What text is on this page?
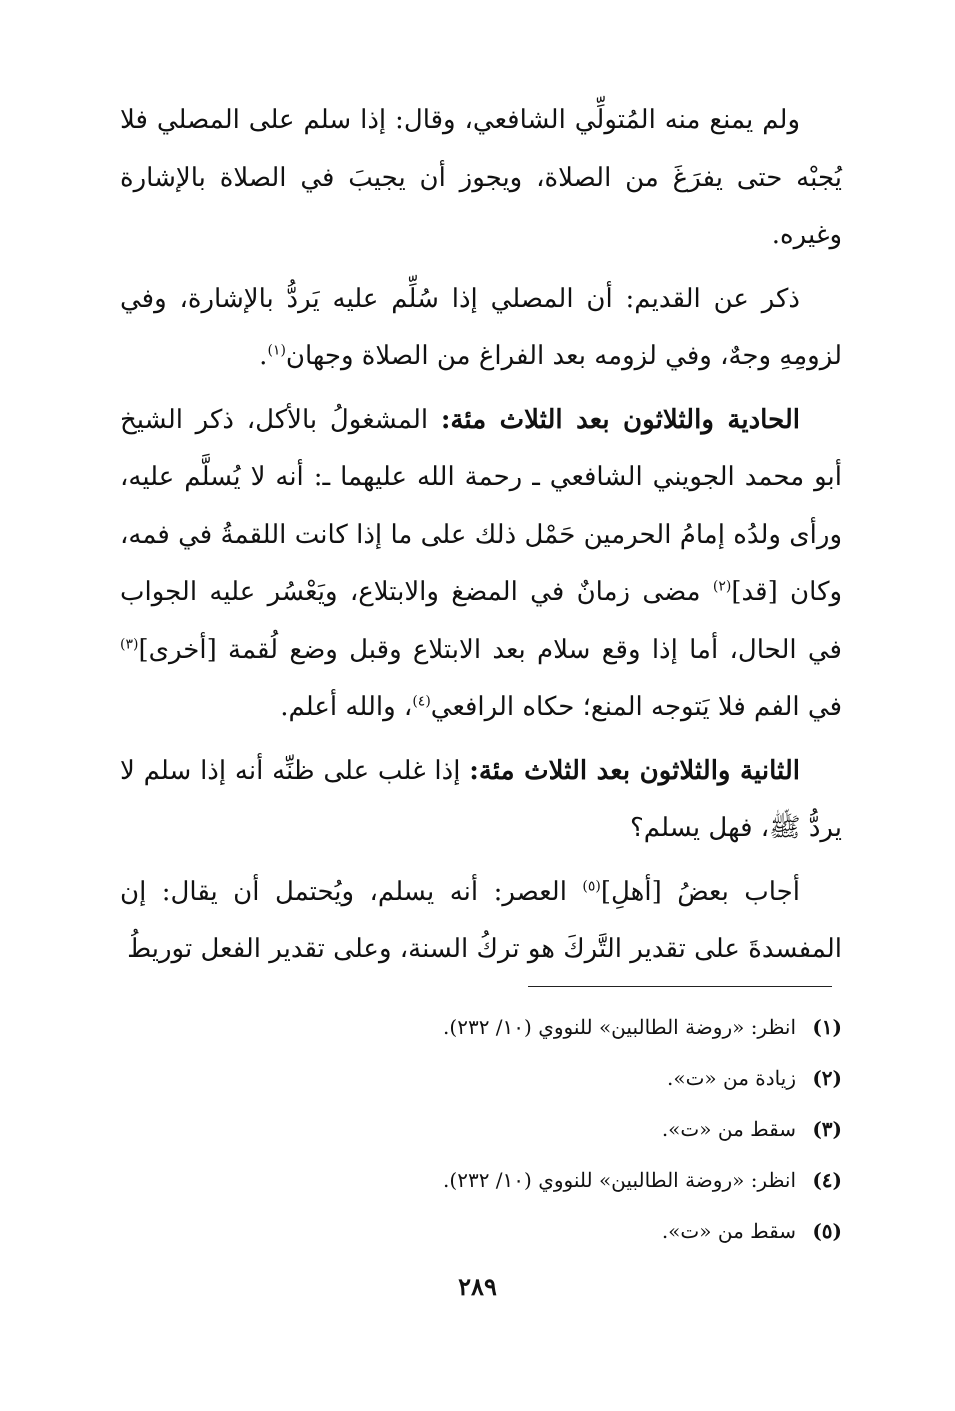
ولم يمنع منه المُتولِّي الشافعي، وقال: إذا سلم على المصلي فلا يُجبْه حتى يفرَغَ من الصلاة، ويجوز أن يجيبَ في الصلاة بالإشارة وغيره.

ذكر عن القديم: أن المصلي إذا سُلِّم عليه يَردُّ بالإشارة، وفي لزومِهِ وجهٌ، وفي لزومه بعد الفراغ من الصلاة وجهان$^{(١)}$.

الحادية والثلاثون بعد الثلاث مئة: المشغولُ بالأكل، ذكر الشيخ أبو محمد الجويني الشافعي ـ رحمة الله عليهما ـ: أنه لا يُسلَّم عليه، ورأى ولدُه إمامُ الحرمين حَمْل ذلك على ما إذا كانت اللقمةُ في فمه، وكان [قد]$^{(٢)}$ مضى زمانٌ في المضغ والابتلاع، ويَعْسُر عليه الجواب في الحال، أما إذا وقع سلام بعد الابتلاع وقبل وضع لُقمة [أخرى]$^{(٣)}$ في الفم فلا يَتوجه المنع؛ حكاه الرافعي$^{(٤)}$، والله أعلم.

الثانية والثلاثون بعد الثلاث مئة: إذا غلب على ظنِّه أنه إذا سلم لا يردُّ ﷺ، فهل يسلم؟

أجاب بعضُ [أهلِ]$^{(٥)}$ العصر: أنه يسلم، ويُحتمل أن يقال: إن المفسدةَ على تقدير التَّركَ هو تركُ السنة، وعلى تقدير الفعل توريطُ

(١)
انظر: «روضة الطالبين» للنووي (١٠/ ٢٣٢).
(٢)
زيادة من «ت».
(٣)
سقط من «ت».
(٤)
انظر: «روضة الطالبين» للنووي (١٠/ ٢٣٢).
(٥)
سقط من «ت».
٢٨٩
